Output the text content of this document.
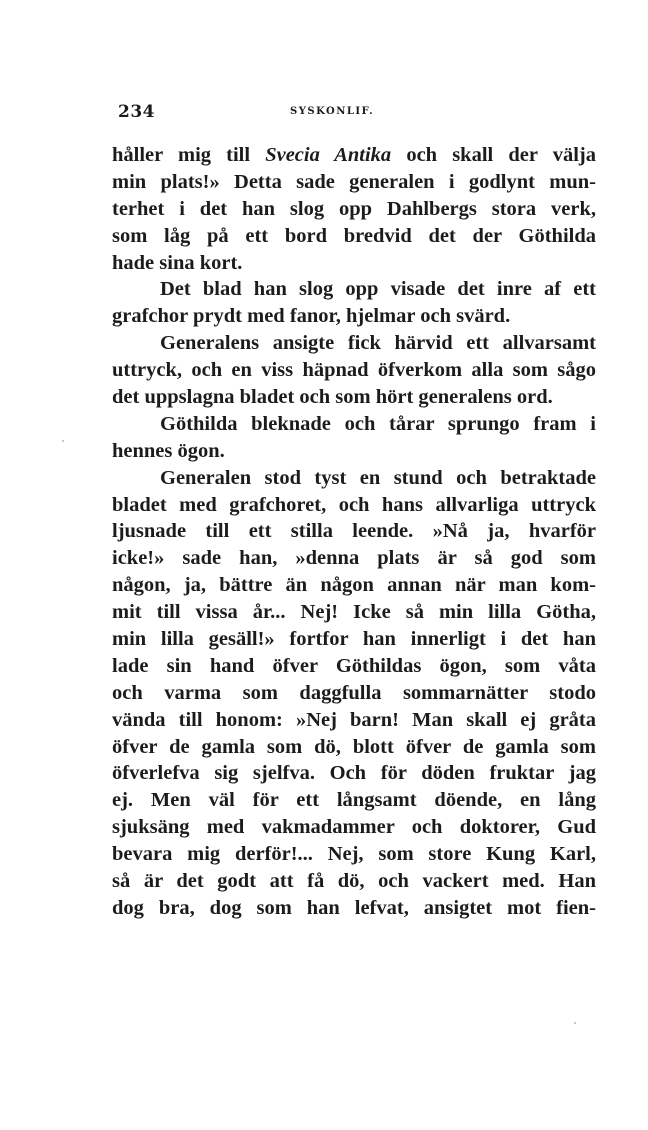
234	SYSKONLIF.
håller mig till Svecia Antika och skall der välja
min plats!» Detta sade generalen i godlynt mun-
terhet i det han slog opp Dahlbergs stora verk,
som låg på ett bord bredvid det der Göthilda
hade sina kort.
Det blad han slog opp visade det inre af ett
grafchor prydt med fanor, hjelmar och svärd.
Generalens ansigte fick härvid ett allvarsamt
uttryck, och en viss häpnad öfverkom alla som sågo
det uppslagna bladet och som hört generalens ord.
Göthilda bleknade och tårar sprungo fram i
hennes ögon.
Generalen stod tyst en stund och betraktade
bladet med grafchoret, och hans allvarliga uttryck
ljusnade till ett stilla leende. »Nå ja, hvarför
icke!» sade han, »denna plats är så god som
någon, ja, bättre än någon annan när man kom-
mit till vissa år... Nej! Icke så min lilla Götha,
min lilla gesäll!» fortfor han innerligt i det han
lade sin hand öfver Göthildas ögon, som våta
och varma som daggfulla sommarnätter stodo
vända till honom: »Nej barn! Man skall ej gråta
öfver de gamla som dö, blott öfver de gamla som
öfverlefva sig sjelfva. Och för döden fruktar jag
ej. Men väl för ett långsamt döende, en lång
sjuksäng med vakmadammer och doktorer, Gud
bevara mig derför!... Nej, som store Kung Karl,
så är det godt att få dö, och vackert med. Han
dog bra, dog som han lefvat, ansigtet mot fien-
